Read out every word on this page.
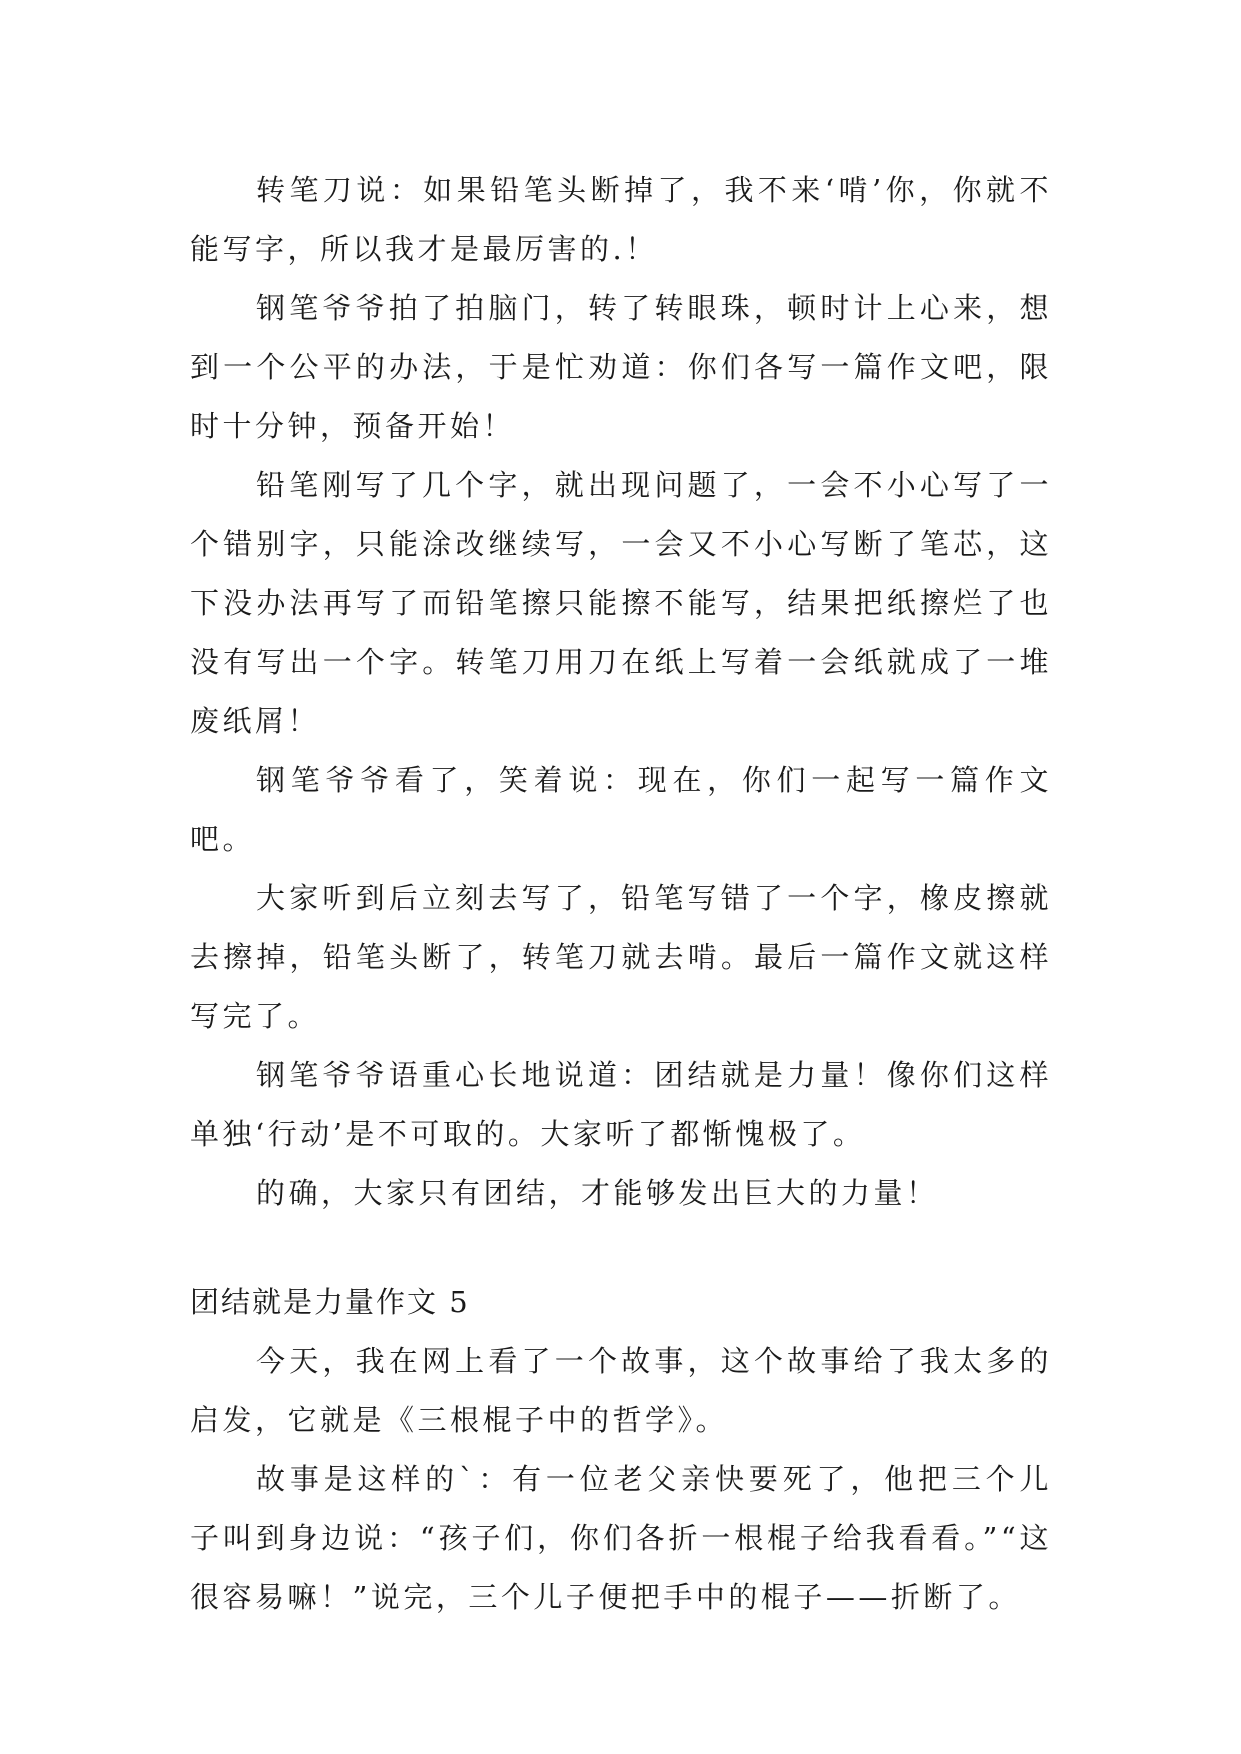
转笔刀说：如果铅笔头断掉了，我不来‘啃’你，你就不能写字，所以我才是最厉害的.！

钢笔爷爷拍了拍脑门，转了转眼珠，顿时计上心来，想到一个公平的办法，于是忙劝道：你们各写一篇作文吧，限时十分钟，预备开始！

铅笔刚写了几个字，就出现问题了，一会不小心写了一个错别字，只能涂改继续写，一会又不小心写断了笔芯，这下没办法再写了而铅笔擦只能擦不能写，结果把纸擦烂了也没有写出一个字。转笔刀用刀在纸上写着一会纸就成了一堆废纸屑！

钢笔爷爷看了，笑着说：现在，你们一起写一篇作文吧。

大家听到后立刻去写了，铅笔写错了一个字，橡皮擦就去擦掉，铅笔头断了，转笔刀就去啃。最后一篇作文就这样写完了。

钢笔爷爷语重心长地说道：团结就是力量！像你们这样单独‘行动’是不可取的。大家听了都惭愧极了。

的确，大家只有团结，才能够发出巨大的力量！

团结就是力量作文 5

今天，我在网上看了一个故事，这个故事给了我太多的启发，它就是《三根棍子中的哲学》。

故事是这样的`：有一位老父亲快要死了，他把三个儿子叫到身边说：“孩子们，你们各折一根棍子给我看看。”“这很容易嘛！”说完，三个儿子便把手中的棍子——折断了。
